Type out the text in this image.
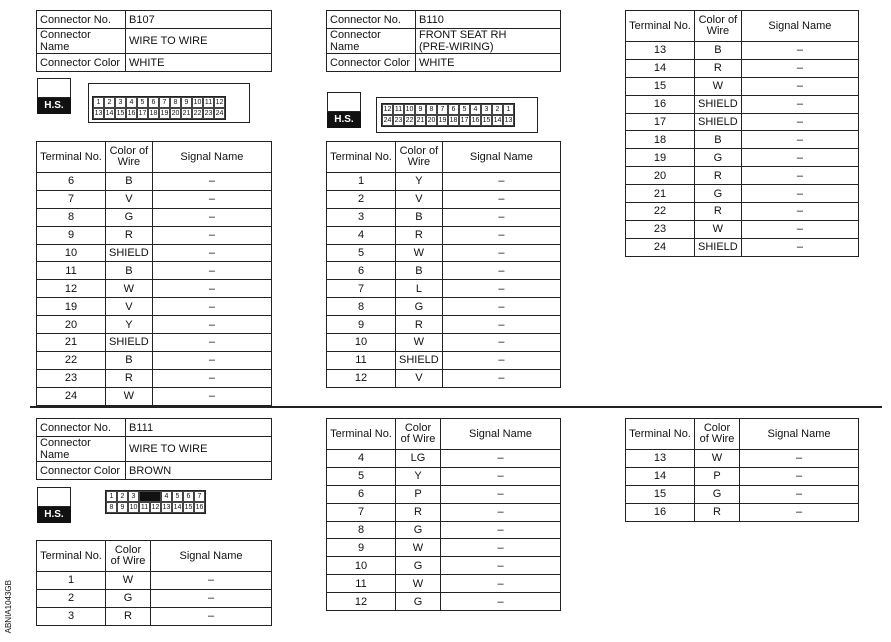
Connector No.	B107
Connector Name	WIRE TO WIRE
Connector Color	WHITE
H.S.	1	2	3	4	5	6	7	8	9 10 11 12
13 14 15 16 17 18 19 20 21 22 23 24
Terminal No.	Color of Wire	Signal Name
6	B	–
7	V	–
8	G	–
9	R	–
10	SHIELD	–
11	B	–
12	W	–
19	V	–
20	Y	–
21	SHIELD	–
22	B	–
23	R	–
24	W	–
Connector No.	B110
Connector Name	FRONT SEAT RH
(PRE-WIRING)
Connector Color	WHITE
H.S.
12 11 10 9	8	7	6	5	4	3	2	1
24 23 22 21 20 19 18 17 16 15 14 13
Terminal No.	Color of Wire	Signal Name
1	Y	–
2	V	–
3	B	–
4	R	–
5	W	–
6	B	–
7	L	–
8	G	–
9	R	–
10	W	–
11	SHIELD	–
12	V	–
Terminal No.	Color of Wire	Signal Name
13	B	–
14	R	–
15	W	–
16	SHIELD	–
17	SHIELD	–
18	B	–
19	G	–
20	R	–
21	G	–
22	R	–
23	W	–
24	SHIELD	–
Connector No.	B111
Connector Name	WIRE TO WIRE
Connector Color	BROWN
H.S.
1	2	3	4	5	6	7
8	9 10 11 12 13 14 15 16
Terminal No.	Color of Wire	Signal Name
1	W	–
2	G	–
3	R	–
Terminal No.	Color of Wire	Signal Name
4	LG	–
5	Y	–
6	P	–
7	R	–
8	G	–
9	W	–
10	G	–
11	W	–
12	G	–
Terminal No.	Color of Wire	Signal Name
13	W	–
14	P	–
15	G	–
16	R	–
ABNIA1043GB
